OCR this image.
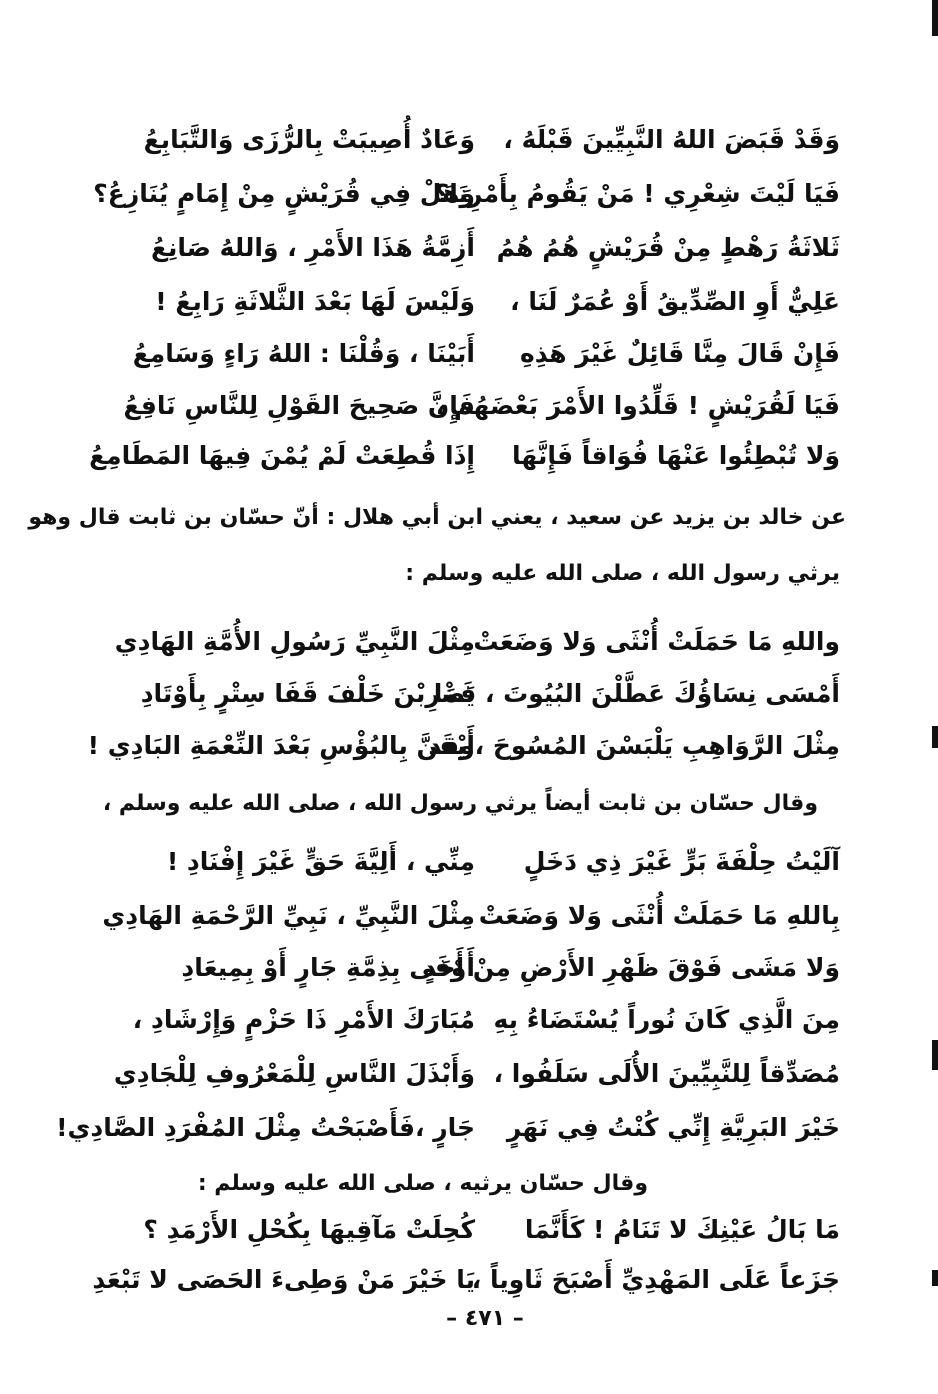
وَقَدْ قَبَضَ اللهُ النَّبِيِّينَ قَبْلَهُ ،
وَعَادٌ أُصِيبَتْ بِالرُّزَى وَالتَّبَابِعُ
فَيَا لَيْتَ شِعْرِي ! مَنْ يَقُومُ بِأَمْرِنَا؟
وَهَلْ فِي قُرَيْشٍ مِنْ إِمَامٍ يُنَازِعُ؟
ثَلاثَةُ رَهْطٍ مِنْ قُرَيْشٍ هُمُ هُمُ
أَزِمَّةُ هَذَا الأَمْرِ ، وَاللهُ صَانِعُ
عَلِيٌّ أَوِ الصِّدِّيقُ أَوْ عُمَرٌ لَنَا ،
وَلَيْسَ لَهَا بَعْدَ الثَّلاثَةِ رَابِعُ !
فَإِنْ قَالَ مِنَّا قَائِلٌ غَيْرَ هَذِهِ
أَبَيْنَا ، وَقُلْنَا : اللهُ رَاءٍ وَسَامِعُ
فَيَا لَقُرَيْشٍ ! قَلِّدُوا الأَمْرَ بَعْضَهُم ،
فَإِنَّ صَحِيحَ القَوْلِ لِلنَّاسِ نَافِعُ
وَلا تُبْطِئُوا عَنْهَا فُوَاقاً فَإِنَّهَا
إِذَا قُطِعَتْ لَمْ يُمْنَ فِيهَا المَطَامِعُ
عن خالد بن يزيد عن سعيد ، يعني ابن أبي هلال : أنّ حسّان بن ثابت قال وهو
يرثي رسول الله ، صلى الله عليه وسلم :
واللهِ مَا حَمَلَتْ أُنْثَى وَلا وَضَعَتْ
مِثْلَ النَّبِيِّ رَسُولِ الأُمَّةِ الهَادِي
أَمْسَى نِسَاؤُكَ عَطَّلْنَ البُيُوتَ ، فَمَا
يَضْرِبْنَ خَلْفَ قَفَا سِتْرٍ بِأَوْتَادِ
مِثْلَ الرَّوَاهِبِ يَلْبَسْنَ المُسُوحَ ،وقد
أَيْقَنَّ بِالبُؤْسِ بَعْدَ النِّعْمَةِ البَادِي !
وقال حسّان بن ثابت أيضاً يرثي رسول الله ، صلى الله عليه وسلم ،
آلَيْتُ حِلْفَةَ بَرٍّ غَيْرَ ذِي دَخَلٍ
مِنِّي ، أَلِيَّةَ حَقٍّ غَيْرَ إِفْنَادِ !
بِاللهِ مَا حَمَلَتْ أُنْثَى وَلا وَضَعَتْ
مِثْلَ النَّبِيِّ ، نَبِيِّ الرَّحْمَةِ الهَادِي
وَلا مَشَى فَوْقَ ظَهْرِ الأَرْضِ مِنْ أَحَدٍ
أَوْفَى بِذِمَّةِ جَارٍ أَوْ بِمِيعَادِ
مِنَ الَّذِي كَانَ نُوراً يُسْتَضَاءُ بِهِ
مُبَارَكَ الأَمْرِ ذَا حَزْمٍ وَإِرْشَادِ ،
مُصَدِّقاً لِلنَّبِيِّينَ الأُلَى سَلَفُوا ،
وَأَبْذَلَ النَّاسِ لِلْمَعْرُوفِ لِلْجَادِي
خَيْرَ البَرِيَّةِ إِنِّي كُنْتُ فِي نَهَرٍ
جَارٍ ،فَأَصْبَحْتُ مِثْلَ المُفْرَدِ الصَّادِي!
وقال حسّان يرثيه ، صلى الله عليه وسلم :
مَا بَالُ عَيْنِكَ لا تَنَامُ ! كَأَنَّمَا
كُحِلَتْ مَآقِيهَا بِكُحْلِ الأَرْمَدِ ؟
جَزَعاً عَلَى المَهْدِيِّ أَصْبَحَ ثَاوِياً ،
يَا خَيْرَ مَنْ وَطِىءَ الحَصَى لا تَبْعَدِ
– ٤٧١ –
